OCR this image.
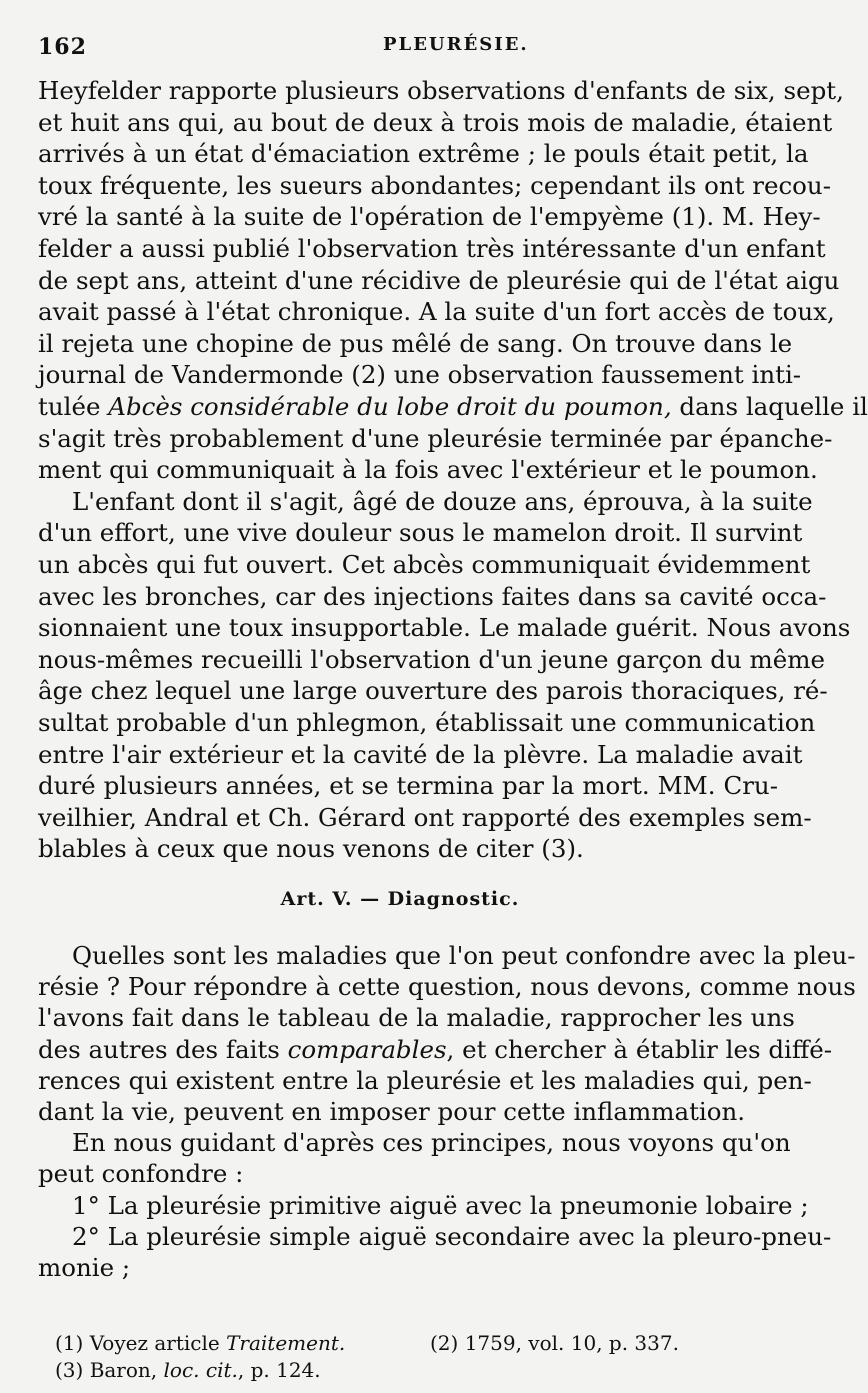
162	PLEURÉSIE.
Heyfelder rapporte plusieurs observations d'enfants de six, sept,
et huit ans qui, au bout de deux à trois mois de maladie, étaient
arrivés à un état d'émaciation extrême ; le pouls était petit, la
toux fréquente, les sueurs abondantes; cependant ils ont recou-
vré la santé à la suite de l'opération de l'empyème (1). M. Hey-
felder a aussi publié l'observation très intéressante d'un enfant
de sept ans, atteint d'une récidive de pleurésie qui de l'état aigu
avait passé à l'état chronique. A la suite d'un fort accès de toux,
il rejeta une chopine de pus mêlé de sang. On trouve dans le
journal de Vandermonde (2) une observation faussement inti-
tulée Abcès considérable du lobe droit du poumon, dans laquelle il
s'agit très probablement d'une pleurésie terminée par épanche-
ment qui communiquait à la fois avec l'extérieur et le poumon.
L'enfant dont il s'agit, âgé de douze ans, éprouva, à la suite
d'un effort, une vive douleur sous le mamelon droit. Il survint
un abcès qui fut ouvert. Cet abcès communiquait évidemment
avec les bronches, car des injections faites dans sa cavité occa-
sionnaient une toux insupportable. Le malade guérit. Nous avons
nous-mêmes recueilli l'observation d'un jeune garçon du même
âge chez lequel une large ouverture des parois thoraciques, ré-
sultat probable d'un phlegmon, établissait une communication
entre l'air extérieur et la cavité de la plèvre. La maladie avait
duré plusieurs années, et se termina par la mort. MM. Cru-
veilhier, Andral et Ch. Gérard ont rapporté des exemples sem-
Art. V. — Diagnostic.
Quelles sont les maladies que l'on peut confondre avec la pleu-
résie ? Pour répondre à cette question, nous devons, comme nous
l'avons fait dans le tableau de la maladie, rapprocher les uns
des autres des faits comparables, et chercher à établir les diffé-
rences qui existent entre la pleurésie et les maladies qui, pen-
dant la vie, peuvent en imposer pour cette inflammation.
En nous guidant d'après ces principes, nous voyons qu'on
peut confondre :
1° La pleurésie primitive aiguë avec la pneumonie lobaire ;
2° La pleurésie simple aiguë secondaire avec la pleuro-pneu-
(1) Voyez article Traitement.	(2) 1759, vol. 10, p. 337.
(3) Baron, loc. cit., p. 124.
blables à ceux que nous venons de citer (3).
monie ;
